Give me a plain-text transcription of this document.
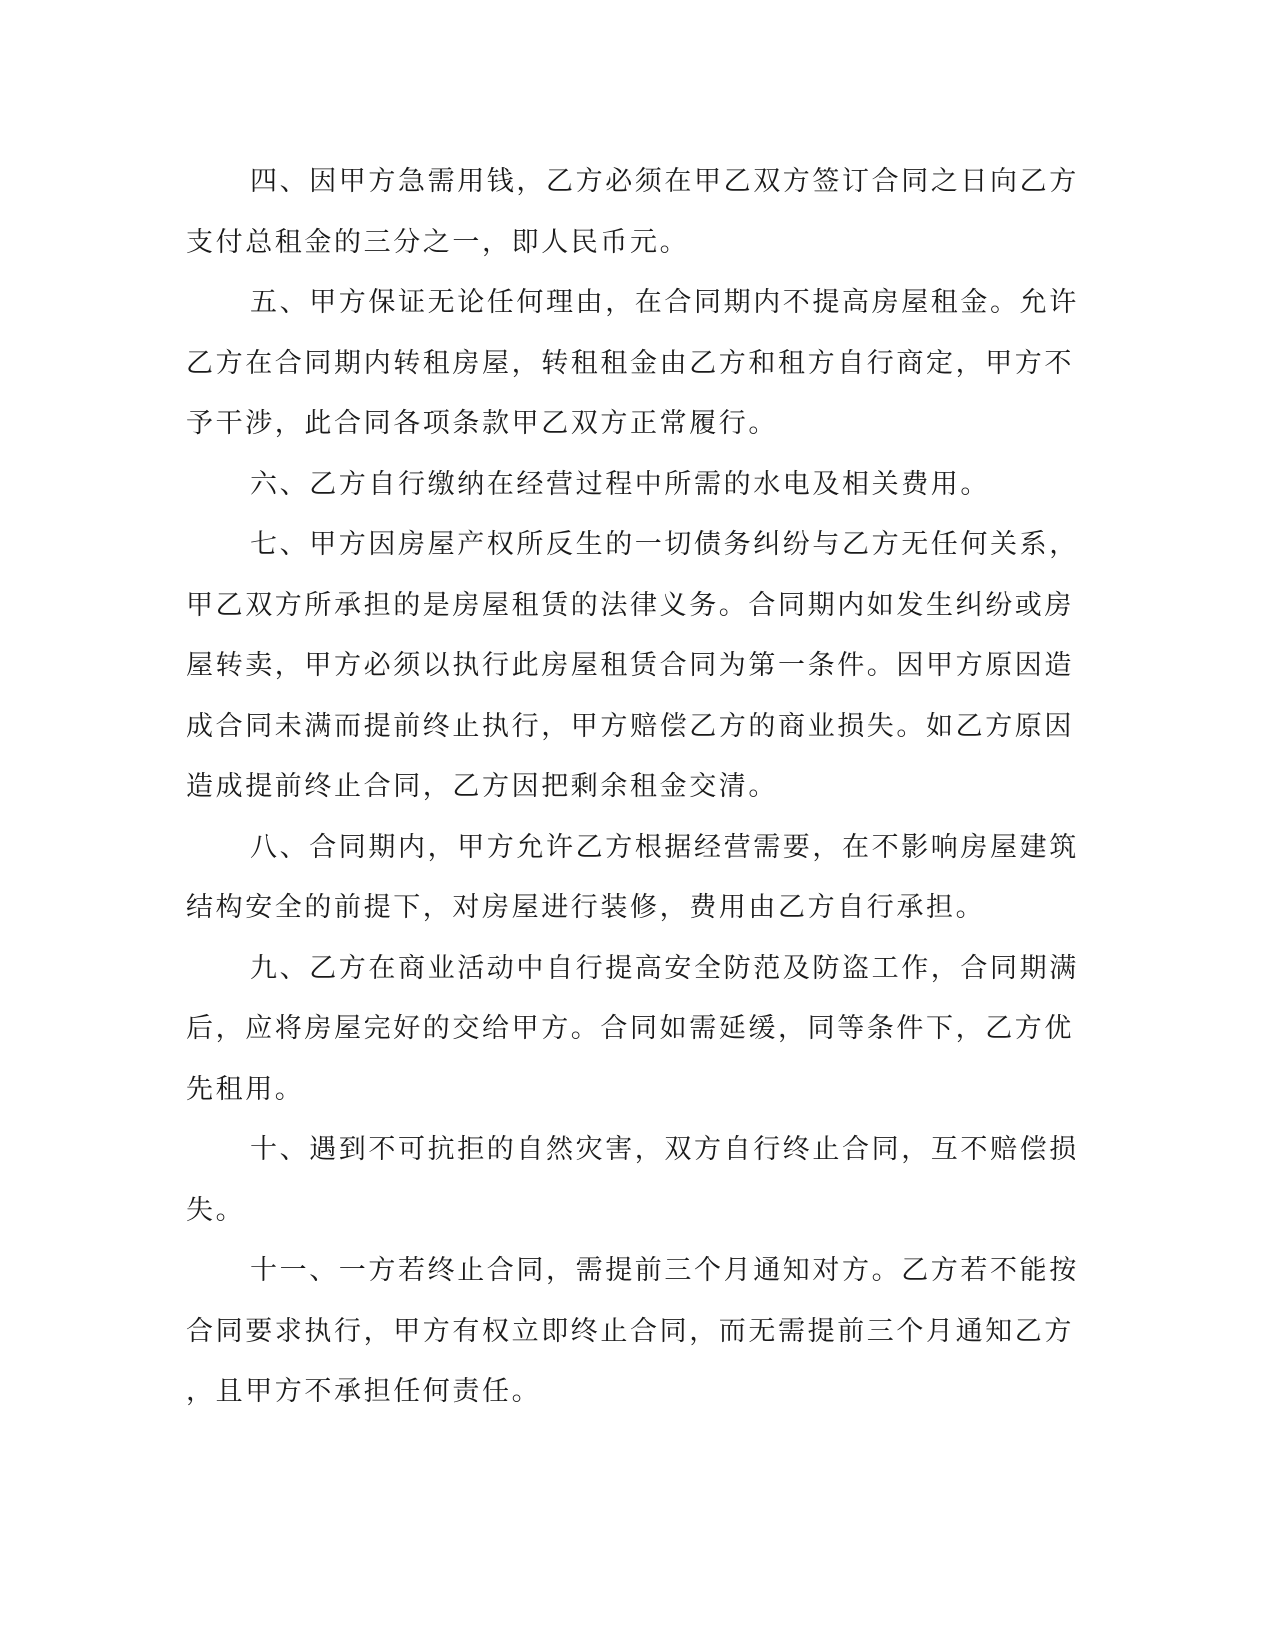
四、因甲方急需用钱，乙方必须在甲乙双方签订合同之日向乙方
支付总租金的三分之一，即人民币元。

五、甲方保证无论任何理由，在合同期内不提高房屋租金。允许
乙方在合同期内转租房屋，转租租金由乙方和租方自行商定，甲方不
予干涉，此合同各项条款甲乙双方正常履行。

六、乙方自行缴纳在经营过程中所需的水电及相关费用。

七、甲方因房屋产权所反生的一切债务纠纷与乙方无任何关系，
甲乙双方所承担的是房屋租赁的法律义务。合同期内如发生纠纷或房
屋转卖，甲方必须以执行此房屋租赁合同为第一条件。因甲方原因造
成合同未满而提前终止执行，甲方赔偿乙方的商业损失。如乙方原因
造成提前终止合同，乙方因把剩余租金交清。

八、合同期内，甲方允许乙方根据经营需要，在不影响房屋建筑
结构安全的前提下，对房屋进行装修，费用由乙方自行承担。

九、乙方在商业活动中自行提高安全防范及防盗工作，合同期满
后，应将房屋完好的交给甲方。合同如需延缓，同等条件下，乙方优
先租用。

十、遇到不可抗拒的自然灾害，双方自行终止合同，互不赔偿损
失。

十一、一方若终止合同，需提前三个月通知对方。乙方若不能按
合同要求执行，甲方有权立即终止合同，而无需提前三个月通知乙方
，且甲方不承担任何责任。
